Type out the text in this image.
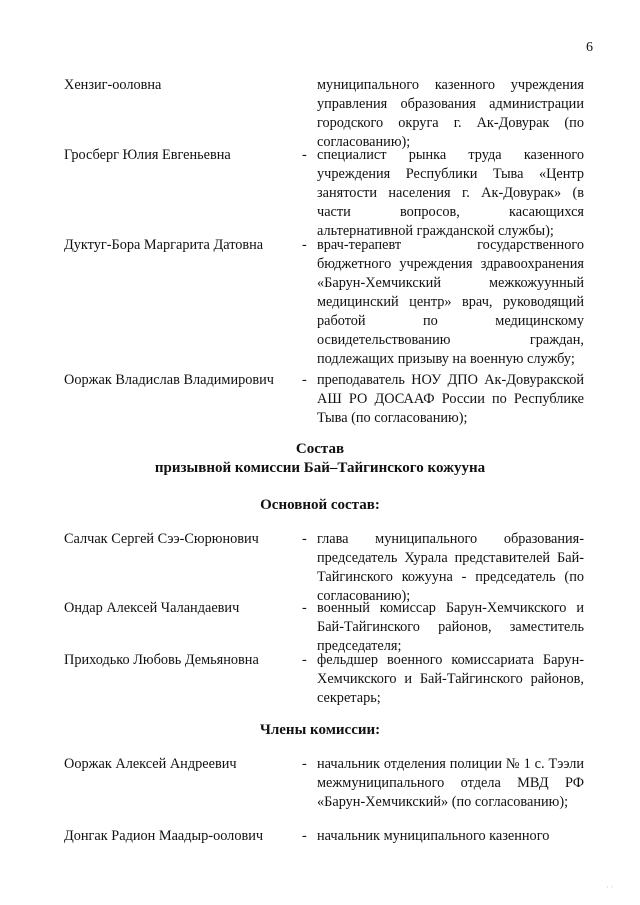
6
Хензиг-ооловна	муниципального казенного учреждения управления образования администрации городского округа г. Ак-Довурак (по согласованию);
Гросберг Юлия Евгеньевна	- специалист рынка труда казенного учреждения Республики Тыва «Центр занятости населения г. Ак-Довурак» (в части вопросов, касающихся альтернативной гражданской службы);
Дуктуг-Бора Маргарита Датовна	- врач-терапевт государственного бюджетного учреждения здравоохранения «Барун-Хемчикский межкожуунный медицинский центр» врач, руководящий работой по медицинскому освидетельствованию граждан, подлежащих призыву на военную службу;
Ооржак Владислав Владимирович	- преподаватель НОУ ДПО Ак-Довуракской АШ РО ДОСААФ России по Республике Тыва (по согласованию);
Состав
призывной комиссии Бай–Тайгинского кожууна
Основной состав:
Салчак Сергей Сээ-Сюрюнович	- глава муниципального образования-председатель Хурала представителей Бай-Тайгинского кожууна - председатель (по согласованию);
Ондар Алексей Чаландаевич	- военный комиссар Барун-Хемчикского и Бай-Тайгинского районов, заместитель председателя;
Приходько Любовь Демьяновна	- фельдшер военного комиссариата Барун-Хемчикского и Бай-Тайгинского районов, секретарь;
Члены комиссии:
Ооржак Алексей Андреевич	- начальник отделения полиции № 1 с. Тээли межмуниципального отдела МВД РФ «Барун-Хемчикский» (по согласованию);
Донгак Радион Маадыр-оолович	- начальник муниципального казенного
· ·
